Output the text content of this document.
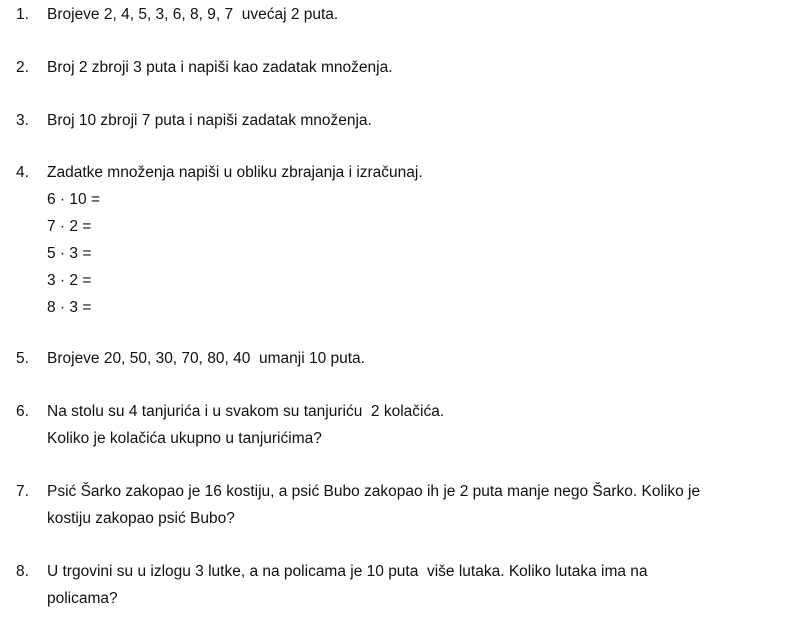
1.	Brojeve 2, 4, 5, 3, 6, 8, 9, 7  uvećaj 2 puta.
2.	Broj 2 zbroji 3 puta i napiši kao zadatak množenja.
3.	Broj 10 zbroji 7 puta i napiši zadatak množenja.
4.	Zadatke množenja napiši u obliku zbrajanja i izračunaj.
6 · 10 =
7 · 2 =
5 · 3 =
3 · 2 =
8 · 3 =
5.	Brojeve 20, 50, 30, 70, 80, 40  umanji 10 puta.
6.	Na stolu su 4 tanjurića i u svakom su tanjuriću  2 kolačića.
Koliko je kolačića ukupno u tanjurićima?
7.	Psić Šarko zakopao je 16 kostiju, a psić Bubo zakopao ih je 2 puta manje nego Šarko. Koliko je
kostiju zakopao psić Bubo?
8.	U trgovini su u izlogu 3 lutke, a na policama je 10 puta  više lutaka. Koliko lutaka ima na
policama?
